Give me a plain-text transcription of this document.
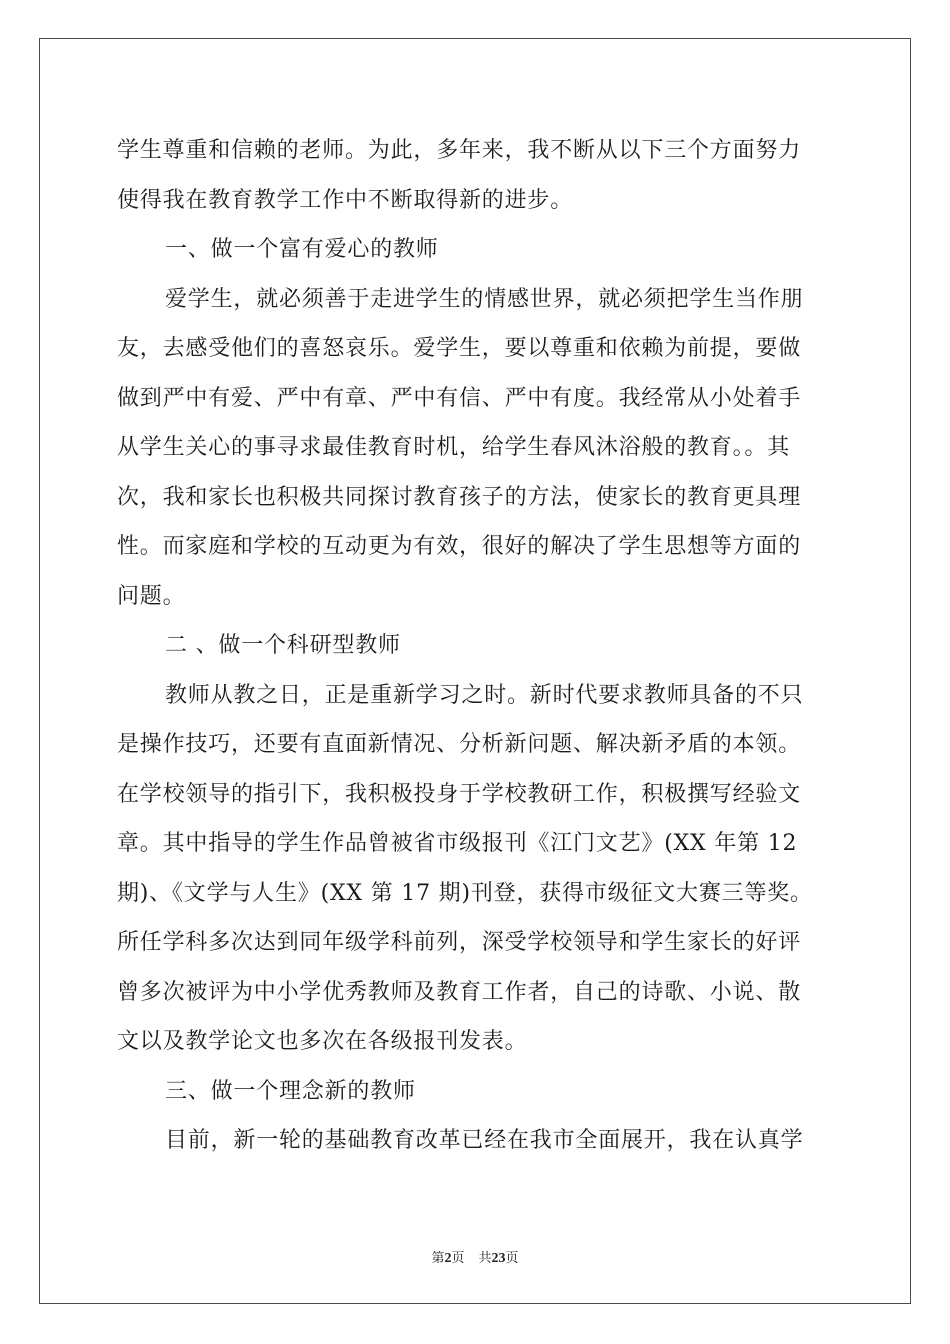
学生尊重和信赖的老师。为此，多年来，我不断从以下三个方面努力
使得我在教育教学工作中不断取得新的进步。
一、做一个富有爱心的教师
爱学生，就必须善于走进学生的情感世界，就必须把学生当作朋
友，去感受他们的喜怒哀乐。爱学生，要以尊重和依赖为前提，要做
做到严中有爱、严中有章、严中有信、严中有度。我经常从小处着手
从学生关心的事寻求最佳教育时机，给学生春风沐浴般的教育。。其
次，我和家长也积极共同探讨教育孩子的方法，使家长的教育更具理
性。而家庭和学校的互动更为有效，很好的解决了学生思想等方面的
问题。
二 、做一个科研型教师
教师从教之日，正是重新学习之时。新时代要求教师具备的不只
是操作技巧，还要有直面新情况、分析新问题、解决新矛盾的本领。
在学校领导的指引下，我积极投身于学校教研工作，积极撰写经验文
章。其中指导的学生作品曾被省市级报刊《江门文艺》(XX 年第 12
期)、《文学与人生》(XX 第 17 期)刊登，获得市级征文大赛三等奖。
所任学科多次达到同年级学科前列，深受学校领导和学生家长的好评
曾多次被评为中小学优秀教师及教育工作者，自己的诗歌、小说、散
文以及教学论文也多次在各级报刊发表。
三、做一个理念新的教师
目前，新一轮的基础教育改革已经在我市全面展开，我在认真学
第2页 共23页
